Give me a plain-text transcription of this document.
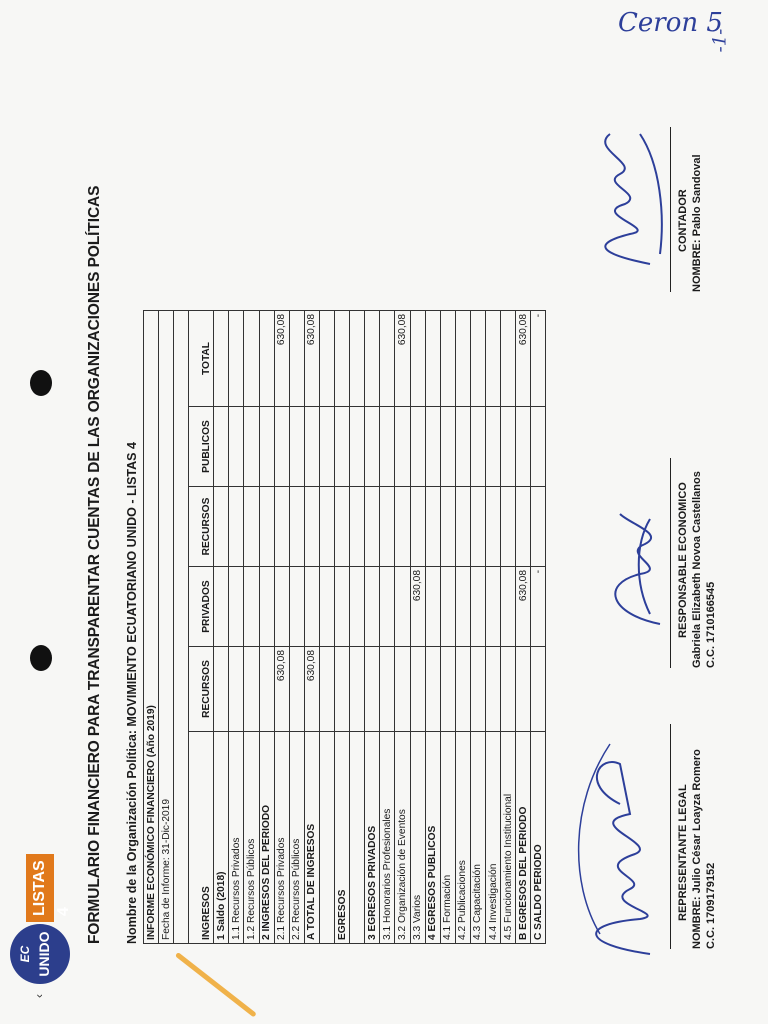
Ceron 5
-1-
‹
EC UNIDO
LISTAS 4 FORMULARIO FINANCIERO PARA TRANSPARENTAR CUENTAS DE LAS ORGANIZACIONES POLÍTICAS Nombre de la Organización Política: MOVIMIENTO ECUATORIANO UNIDO - LISTAS 4 INFORME ECONÓMICO FINANCIERO (Año 2019)					
Fecha de Informe: 31-Dic-2019					

INGRESOS	RECURSOS	PRIVADOS	RECURSOS	PUBLICOS	TOTAL
1 Saldo (2018)					
1.1 Recursos Privados					
1.2 Recursos Públicos					
2 INGRESOS DEL PERIODO					
2.1 Recursos Privados	630,08				630,08
2.2 Recursos Públicos					
A TOTAL DE INGRESOS	630,08				630,08

EGRESOS					

3 EGRESOS PRIVADOS					
3.1 Honorarios Profesionales					
3.2 Organización de Eventos					630,08
3.3 Varios		630,08			
4 EGRESOS PUBLICOS					
4.1 Formación					
4.2 Publicaciones					
4.3 Capacitación					
4.4 Investigación					
4.5 Funcionamiento Institucional					
B EGRESOS DEL PERIODO		630,08			630,08
C SALDO PERIODO		-			-
REPRESENTANTE LEGAL NOMBRE: Julio César Loayza Romero C.C. 1709179152
RESPONSABLE ECONOMICO Gabriela Elizabeth Novoa Castellanos C.C. 1710166545
CONTADOR NOMBRE: Pablo Sandoval
